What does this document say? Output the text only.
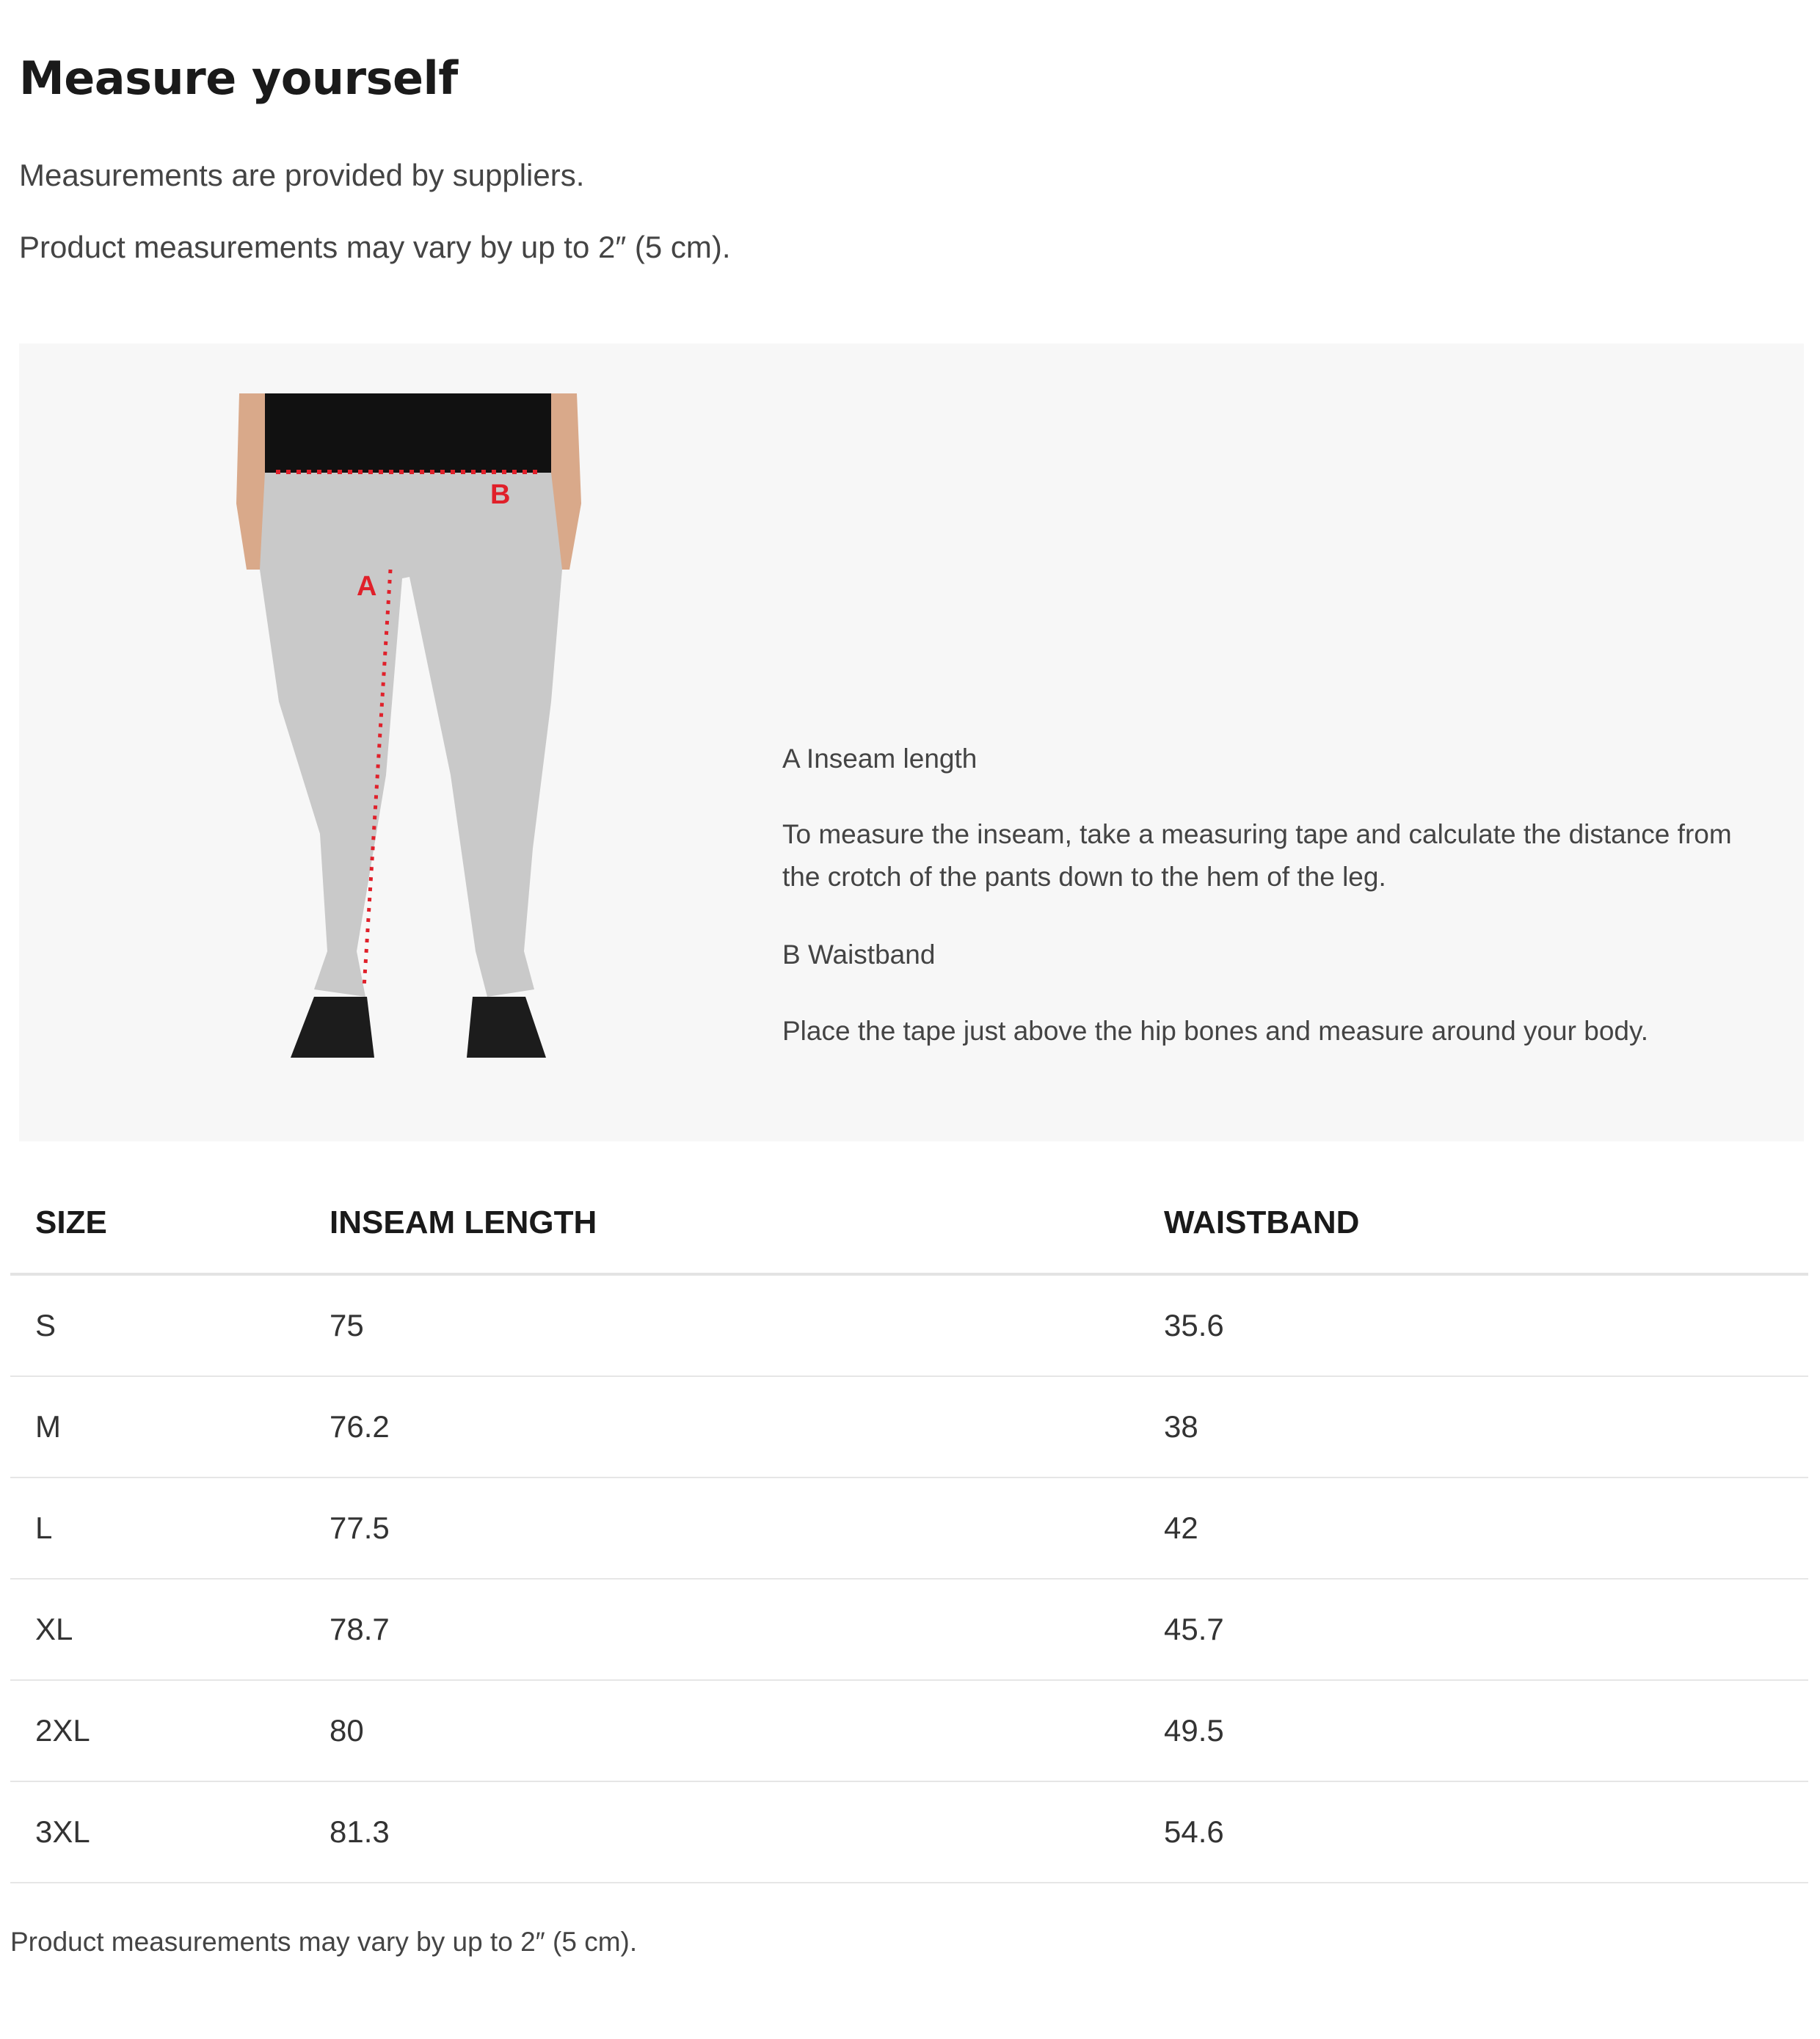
Measure yourself

Measurements are provided by suppliers.

Product measurements may vary by up to 2″ (5 cm).

B
A

A Inseam length

To measure the inseam, take a measuring tape and calculate the distance from the crotch of the pants down to the hem of the leg.

B Waistband

Place the tape just above the hip bones and measure around your body.

SIZE	INSEAM LENGTH	WAISTBAND
S	75	35.6
M	76.2	38
L	77.5	42
XL	78.7	45.7
2XL	80	49.5
3XL	81.3	54.6

Product measurements may vary by up to 2″ (5 cm).
